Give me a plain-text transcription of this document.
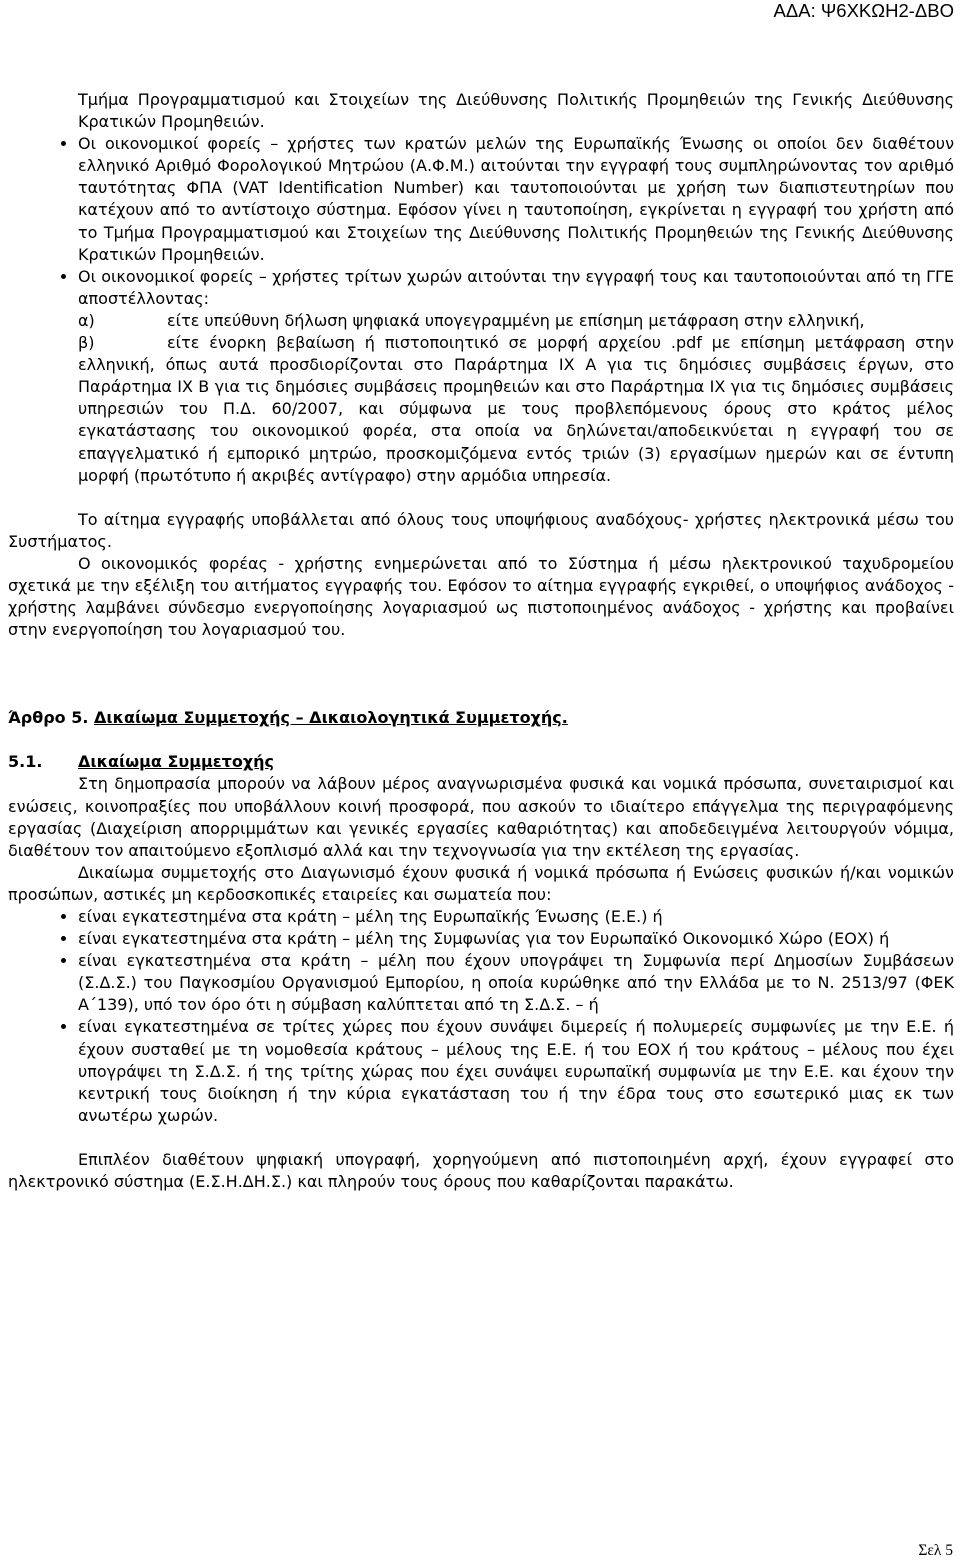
ΑΔΑ: Ψ6ΧΚΩΗ2-ΔΒΟ

Τμήμα Προγραμματισμού και Στοιχείων της Διεύθυνσης Πολιτικής Προμηθειών της Γενικής Διεύθυνσης Κρατικών Προμηθειών.

• Οι οικονομικοί φορείς – χρήστες των κρατών μελών της Ευρωπαϊκής Ένωσης οι οποίοι δεν διαθέτουν ελληνικό Αριθμό Φορολογικού Μητρώου (Α.Φ.Μ.) αιτούνται την εγγραφή τους συμπληρώνοντας τον αριθμό ταυτότητας ΦΠΑ (VAT Identification Number) και ταυτοποιούνται με χρήση των διαπιστευτηρίων που κατέχουν από το αντίστοιχο σύστημα. Εφόσον γίνει η ταυτοποίηση, εγκρίνεται η εγγραφή του χρήστη από το Τμήμα Προγραμματισμού και Στοιχείων της Διεύθυνσης Πολιτικής Προμηθειών της Γενικής Διεύθυνσης Κρατικών Προμηθειών.
• Οι οικονομικοί φορείς – χρήστες τρίτων χωρών αιτούνται την εγγραφή τους και ταυτοποιούνται από τη ΓΓΕ αποστέλλοντας:
α)	είτε υπεύθυνη δήλωση ψηφιακά υπογεγραμμένη με επίσημη μετάφραση στην ελληνική,
β)	είτε ένορκη βεβαίωση ή πιστοποιητικό σε μορφή αρχείου .pdf με επίσημη μετάφραση στην ελληνική, όπως αυτά προσδιορίζονται στο Παράρτημα ΙΧ Α για τις δημόσιες συμβάσεις έργων, στο Παράρτημα ΙΧ Β για τις δημόσιες συμβάσεις προμηθειών και στο Παράρτημα ΙΧ για τις δημόσιες συμβάσεις υπηρεσιών του Π.Δ. 60/2007, και σύμφωνα με τους προβλεπόμενους όρους στο κράτος μέλος εγκατάστασης του οικονομικού φορέα, στα οποία να δηλώνεται/αποδεικνύεται η εγγραφή του σε επαγγελματικό ή εμπορικό μητρώο, προσκομιζόμενα εντός τριών (3) εργασίμων ημερών και σε έντυπη μορφή (πρωτότυπο ή ακριβές αντίγραφο) στην αρμόδια υπηρεσία.

Το αίτημα εγγραφής υποβάλλεται από όλους τους υποψήφιους αναδόχους- χρήστες ηλεκτρονικά μέσω του Συστήματος.

Ο οικονομικός φορέας - χρήστης ενημερώνεται από το Σύστημα ή μέσω ηλεκτρονικού ταχυδρομείου σχετικά με την εξέλιξη του αιτήματος εγγραφής του. Εφόσον το αίτημα εγγραφής εγκριθεί, ο υποψήφιος ανάδοχος - χρήστης λαμβάνει σύνδεσμο ενεργοποίησης λογαριασμού ως πιστοποιημένος ανάδοχος - χρήστης και προβαίνει στην ενεργοποίηση του λογαριασμού του.

Άρθρο 5. Δικαίωμα Συμμετοχής – Δικαιολογητικά Συμμετοχής.

5.1. Δικαίωμα Συμμετοχής

Στη δημοπρασία μπορούν να λάβουν μέρος αναγνωρισμένα φυσικά και νομικά πρόσωπα, συνεταιρισμοί και ενώσεις, κοινοπραξίες που υποβάλλουν κοινή προσφορά, που ασκούν το ιδιαίτερο επάγγελμα της περιγραφόμενης εργασίας (Διαχείριση απορριμμάτων και γενικές εργασίες καθαριότητας) και αποδεδειγμένα λειτουργούν νόμιμα, διαθέτουν τον απαιτούμενο εξοπλισμό αλλά και την τεχνογνωσία για την εκτέλεση της εργασίας.

Δικαίωμα συμμετοχής στο Διαγωνισμό έχουν φυσικά ή νομικά πρόσωπα ή Ενώσεις φυσικών ή/και νομικών προσώπων, αστικές μη κερδοσκοπικές εταιρείες και σωματεία που:

• είναι εγκατεστημένα στα κράτη – μέλη της Ευρωπαϊκής Ένωσης (Ε.Ε.) ή
• είναι εγκατεστημένα στα κράτη – μέλη της Συμφωνίας για τον Ευρωπαϊκό Οικονομικό Χώρο (ΕΟΧ) ή
• είναι εγκατεστημένα στα κράτη – μέλη που έχουν υπογράψει τη Συμφωνία περί Δημοσίων Συμβάσεων (Σ.Δ.Σ.) του Παγκοσμίου Οργανισμού Εμπορίου, η οποία κυρώθηκε από την Ελλάδα με το Ν. 2513/97 (ΦΕΚ Α΄139), υπό τον όρο ότι η σύμβαση καλύπτεται από τη Σ.Δ.Σ. – ή
• είναι εγκατεστημένα σε τρίτες χώρες που έχουν συνάψει διμερείς ή πολυμερείς συμφωνίες με την Ε.Ε. ή έχουν συσταθεί με τη νομοθεσία κράτους – μέλους της Ε.Ε. ή του ΕΟΧ ή του κράτους – μέλους που έχει υπογράψει τη Σ.Δ.Σ. ή της τρίτης χώρας που έχει συνάψει ευρωπαϊκή συμφωνία με την Ε.Ε. και έχουν την κεντρική τους διοίκηση ή την κύρια εγκατάσταση του ή την έδρα τους στο εσωτερικό μιας εκ των ανωτέρω χωρών.

Επιπλέον διαθέτουν ψηφιακή υπογραφή, χορηγούμενη από πιστοποιημένη αρχή, έχουν εγγραφεί στο ηλεκτρονικό σύστημα (Ε.Σ.Η.ΔΗ.Σ.) και πληρούν τους όρους που καθαρίζονται παρακάτω.

Σελ 5
